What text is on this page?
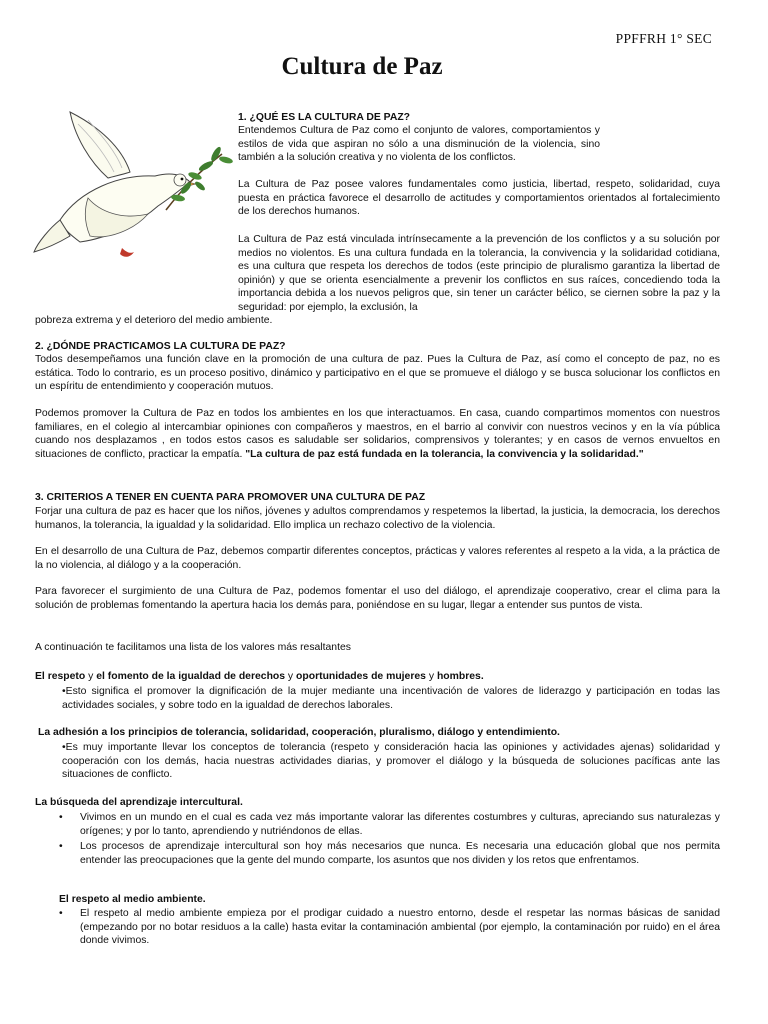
PPFFRH 1° SEC
Cultura de Paz
1. ¿QUÉ ES LA CULTURA DE PAZ?

Entendemos Cultura de Paz como el conjunto de valores, comportamientos y estilos de vida que aspiran no sólo a una disminución de la violencia, sino también a la solución creativa y no violenta de los conflictos.

La Cultura de Paz posee valores fundamentales como justicia, libertad, respeto, solidaridad, cuya puesta en práctica favorece el desarrollo de actitudes y comportamientos orientados al fortalecimiento de los derechos humanos.

La Cultura de Paz está vinculada intrínsecamente a la prevención de los conflictos y a su solución por medios no violentos. Es una cultura fundada en la tolerancia, la convivencia y la solidaridad cotidiana, es una cultura que respeta los derechos de todos (este principio de pluralismo garantiza la libertad de opinión) y que se orienta esencialmente a prevenir los conflictos en sus raíces, concediendo toda la importancia debida a los nuevos peligros que, sin tener un carácter bélico, se ciernen sobre la paz y la seguridad: por ejemplo, la exclusión, la

pobreza extrema y el deterioro del medio ambiente.

2. ¿DÓNDE PRACTICAMOS LA CULTURA DE PAZ?

Todos desempeñamos una función clave en la promoción de una cultura de paz. Pues la Cultura de Paz, así como el concepto de paz, no es estática. Todo lo contrario, es un proceso positivo, dinámico y participativo en el que se promueve el diálogo y se busca solucionar los conflictos en un espíritu de entendimiento y cooperación mutuos.

Podemos promover la Cultura de Paz en todos los ambientes en los que interactuamos. En casa, cuando compartimos momentos con nuestros familiares, en el colegio al intercambiar opiniones con compañeros y maestros, en el barrio al convivir con nuestros vecinos y en la vía pública cuando nos desplazamos , en todos estos casos es saludable ser solidarios, comprensivos y tolerantes; y en casos de vernos envueltos en situaciones de conflicto, practicar la empatía. "La cultura de paz está fundada en la tolerancia, la convivencia y la solidaridad."

3. CRITERIOS A TENER EN CUENTA PARA PROMOVER UNA CULTURA DE PAZ

Forjar una cultura de paz es hacer que los niños, jóvenes y adultos comprendamos y respetemos la libertad, la justicia, la democracia, los derechos humanos, la tolerancia, la igualdad y la solidaridad. Ello implica un rechazo colectivo de la violencia.

En el desarrollo de una Cultura de Paz, debemos compartir diferentes conceptos, prácticas y valores referentes al respeto a la vida, a la práctica de la no violencia, al diálogo y a la cooperación.

Para favorecer el surgimiento de una Cultura de Paz, podemos fomentar el uso del diálogo, el aprendizaje cooperativo, crear el clima para la solución de problemas fomentando la apertura hacia los demás para, poniéndose en su lugar, llegar a entender sus puntos de vista.

A continuación te facilitamos una lista de los valores más resaltantes

El respeto y el fomento de la igualdad de derechos y oportunidades de mujeres y hombres.

•Esto significa el promover la dignificación de la mujer mediante una incentivación de valores de liderazgo y participación en todas las actividades sociales, y sobre todo en la igualdad de derechos laborales.

La adhesión a los principios de tolerancia, solidaridad, cooperación, pluralismo, diálogo y entendimiento.

•Es muy importante llevar los conceptos de tolerancia (respeto y consideración hacia las opiniones y actividades ajenas) solidaridad y cooperación con los demás, hacia nuestras actividades diarias, y promover el diálogo y la búsqueda de soluciones pacíficas ante las situaciones de conflicto.

La búsqueda del aprendizaje intercultural.
•	Vivimos en un mundo en el cual es cada vez más importante valorar las diferentes costumbres y culturas, apreciando sus naturalezas y orígenes; y por lo tanto, aprendiendo y nutriéndonos de ellas.
•	Los procesos de aprendizaje intercultural son hoy más necesarios que nunca. Es necesaria una educación global que nos permita entender las preocupaciones que la gente del mundo comparte, los asuntos que nos dividen y los retos que enfrentamos.
El respeto al medio ambiente.
•	El respeto al medio ambiente empieza por el prodigar cuidado a nuestro entorno, desde el respetar las normas básicas de sanidad (empezando por no botar residuos a la calle) hasta evitar la contaminación ambiental (por ejemplo, la contaminación por ruido) en el área donde vivimos.
